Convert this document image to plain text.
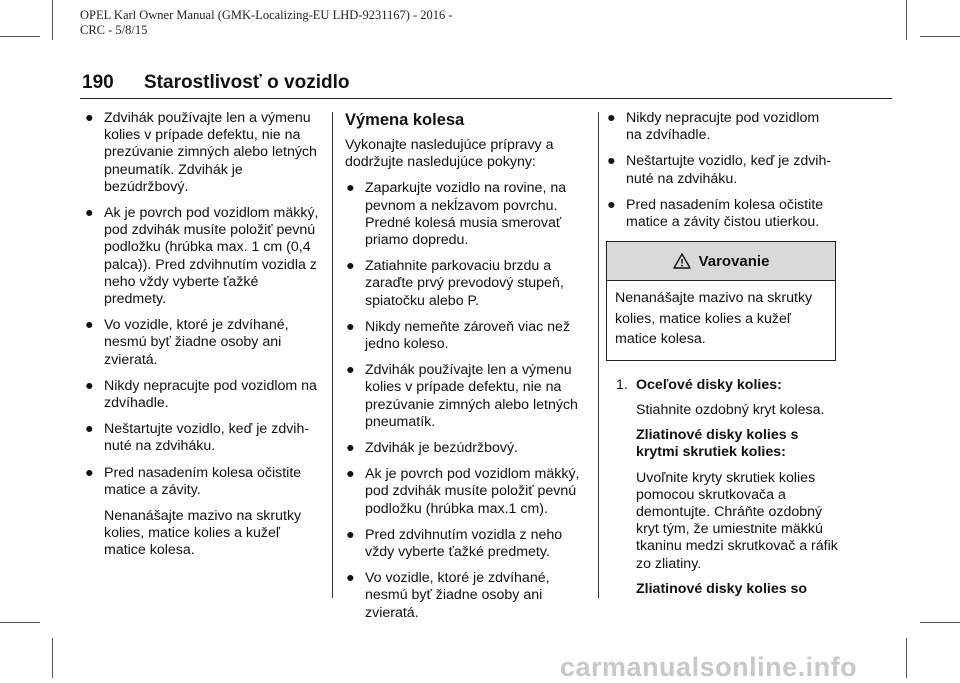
OPEL Karl Owner Manual (GMK-Localizing-EU LHD-9231167) - 2016 -
CRC - 5/8/15
190 Starostlivosť o vozidlo
● Zdvihák používajte len a výmenu kolies v prípade defektu, nie na prezúvanie zimných alebo letných pneumatík. Zdvihák je bezúdržbový.
● Ak je povrch pod vozidlom mäkký, pod zdvihák musíte položiť pevnú podložku (hrúbka max. 1 cm (0,4 palca)). Pred zdvihnutím vozidla z neho vždy vyberte ťažké predmety.
● Vo vozidle, ktoré je zdvíhané, nesmú byť žiadne osoby ani zvieratá.
● Nikdy nepracujte pod vozidlom na zdvíhadle.
● Neštartujte vozidlo, keď je zdvihnuté na zdviháku.
● Pred nasadením kolesa očistite matice a závity.
Nenanášajte mazivo na skrutky kolies, matice kolies a kužeľ matice kolesa.
Výmena kolesa

Vykonajte nasledujúce prípravy a dodržujte nasledujúce pokyny:

● Zaparkujte vozidlo na rovine, na pevnom a nekĺzavom povrchu. Predné kolesá musia smerovať priamo dopredu.
● Zatiahnite parkovaciu brzdu a zaraďte prvý prevodový stupeň, spiatočku alebo P.
● Nikdy nemeňte zároveň viac než jedno koleso.
● Zdvihák používajte len a výmenu kolies v prípade defektu, nie na prezúvanie zimných alebo letných pneumatík.
● Zdvihák je bezúdržbový.
● Ak je povrch pod vozidlom mäkký, pod zdvihák musíte položiť pevnú podložku (hrúbka max.1 cm).
● Pred zdvihnutím vozidla z neho vždy vyberte ťažké predmety.
● Vo vozidle, ktoré je zdvíhané, nesmú byť žiadne osoby ani zvieratá.
● Nikdy nepracujte pod vozidlom na zdvíhadle.
● Neštartujte vozidlo, keď je zdvihnuté na zdviháku.
● Pred nasadením kolesa očistite matice a závity čistou utierkou.
Varovanie
Nenanášajte mazivo na skrutky kolies, matice kolies a kužeľ matice kolesa.
1. Oceľové disky kolies:
Stiahnite ozdobný kryt kolesa.
Zliatinové disky kolies s krytmi skrutiek kolies:
Uvoľnite kryty skrutiek kolies pomocou skrutkovača a demontujte. Chráňte ozdobný kryt tým, že umiestnite mäkkú tkaninu medzi skrutkovač a ráfik zo zliatiny.
Zliatinové disky kolies so
carmanualsonline.info
